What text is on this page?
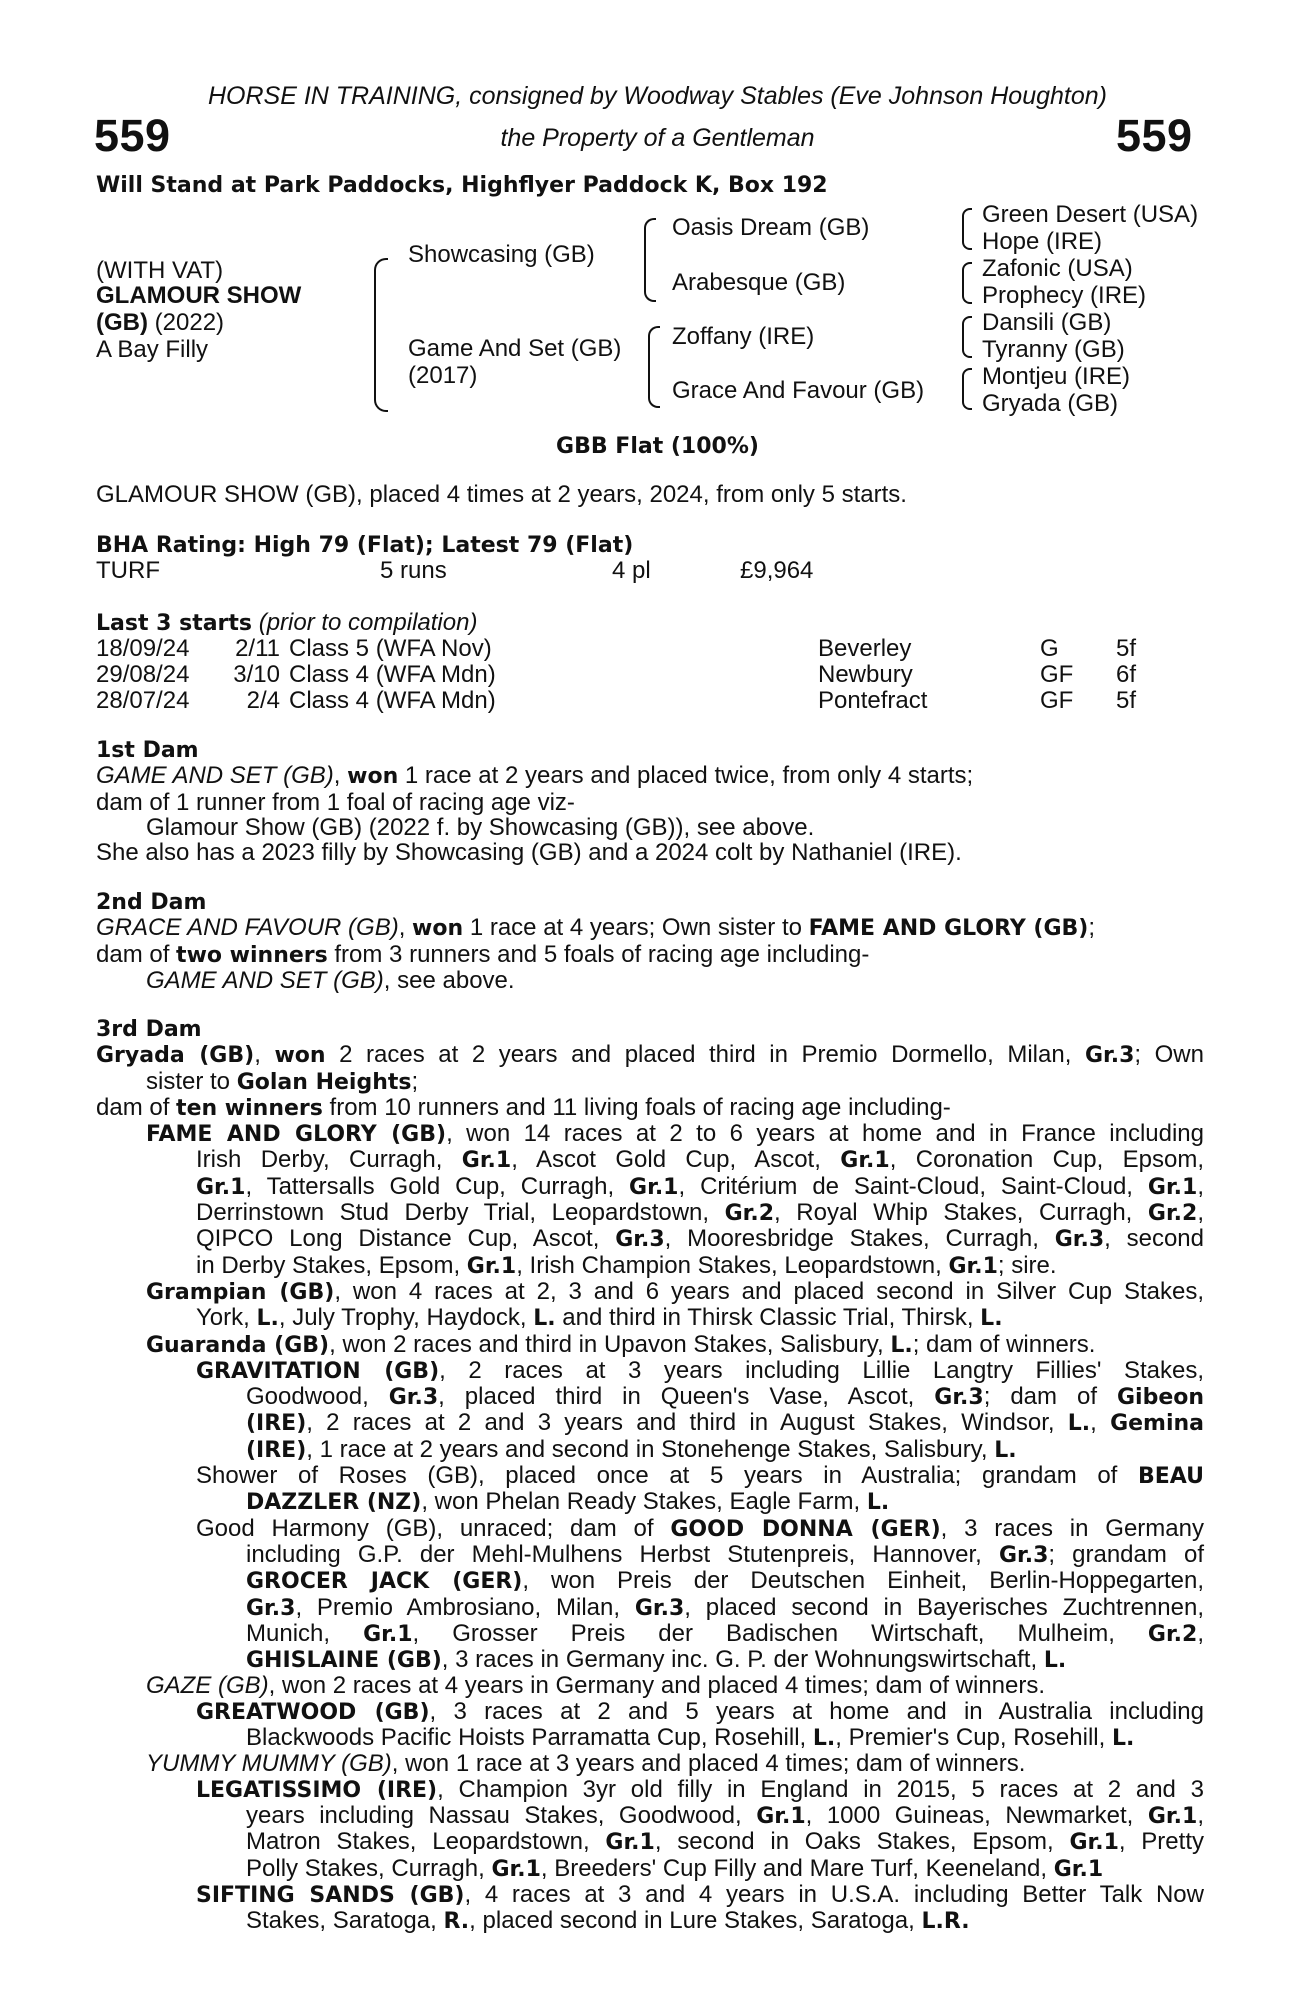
HORSE IN TRAINING, consigned by Woodway Stables (Eve Johnson Houghton)
559	the Property of a Gentleman	559
Will Stand at Park Paddocks, Highflyer Paddock K, Box 192
(WITH VAT)
GLAMOUR SHOW
(GB) (2022)
A Bay Filly
Showcasing (GB)
Game And Set (GB)
(2017)
Oasis Dream (GB)
Arabesque (GB)
Zoffany (IRE)
Grace And Favour (GB)
Green Desert (USA)
Hope (IRE)
Zafonic (USA)
Prophecy (IRE)
Dansili (GB)
Tyranny (GB)
Montjeu (IRE)
Gryada (GB)
GBB Flat (100%)
GLAMOUR SHOW (GB), placed 4 times at 2 years, 2024, from only 5 starts.
BHA Rating: High 79 (Flat); Latest 79 (Flat)
TURF	5 runs	4 pl	£9,964
Last 3 starts (prior to compilation)
18/09/24	2/11 Class 5 (WFA Nov)	Beverley	G 5f
29/08/24	3/10 Class 4 (WFA Mdn)	Newbury	GF 6f
28/07/24	2/4 Class 4 (WFA Mdn)	Pontefract	GF 5f
1st Dam
GAME AND SET (GB), won 1 race at 2 years and placed twice, from only 4 starts;
dam of 1 runner from 1 foal of racing age viz-
Glamour Show (GB) (2022 f. by Showcasing (GB)), see above.
She also has a 2023 filly by Showcasing (GB) and a 2024 colt by Nathaniel (IRE).
2nd Dam
GRACE AND FAVOUR (GB), won 1 race at 4 years; Own sister to FAME AND GLORY (GB);
dam of two winners from 3 runners and 5 foals of racing age including-
GAME AND SET (GB), see above.
3rd Dam
Gryada (GB), won 2 races at 2 years and placed third in Premio Dormello, Milan, Gr.3; Own
sister to Golan Heights;
dam of ten winners from 10 runners and 11 living foals of racing age including-
FAME AND GLORY (GB), won 14 races at 2 to 6 years at home and in France including
Irish Derby, Curragh, Gr.1, Ascot Gold Cup, Ascot, Gr.1, Coronation Cup, Epsom,
Gr.1, Tattersalls Gold Cup, Curragh, Gr.1, Critérium de Saint-Cloud, Saint-Cloud, Gr.1,
Derrinstown Stud Derby Trial, Leopardstown, Gr.2, Royal Whip Stakes, Curragh, Gr.2,
QIPCO Long Distance Cup, Ascot, Gr.3, Mooresbridge Stakes, Curragh, Gr.3, second
in Derby Stakes, Epsom, Gr.1, Irish Champion Stakes, Leopardstown, Gr.1; sire.
Grampian (GB), won 4 races at 2, 3 and 6 years and placed second in Silver Cup Stakes,
York, L., July Trophy, Haydock, L. and third in Thirsk Classic Trial, Thirsk, L.
Guaranda (GB), won 2 races and third in Upavon Stakes, Salisbury, L.; dam of winners.
GRAVITATION (GB), 2 races at 3 years including Lillie Langtry Fillies' Stakes,
Goodwood, Gr.3, placed third in Queen's Vase, Ascot, Gr.3; dam of Gibeon
(IRE), 2 races at 2 and 3 years and third in August Stakes, Windsor, L., Gemina
(IRE), 1 race at 2 years and second in Stonehenge Stakes, Salisbury, L.
Shower of Roses (GB), placed once at 5 years in Australia; grandam of BEAU
DAZZLER (NZ), won Phelan Ready Stakes, Eagle Farm, L.
Good Harmony (GB), unraced; dam of GOOD DONNA (GER), 3 races in Germany
including G.P. der Mehl-Mulhens Herbst Stutenpreis, Hannover, Gr.3; grandam of
GROCER JACK (GER), won Preis der Deutschen Einheit, Berlin-Hoppegarten,
Gr.3, Premio Ambrosiano, Milan, Gr.3, placed second in Bayerisches Zuchtrennen,
Munich, Gr.1, Grosser Preis der Badischen Wirtschaft, Mulheim, Gr.2,
GHISLAINE (GB), 3 races in Germany inc. G. P. der Wohnungswirtschaft, L.
GAZE (GB), won 2 races at 4 years in Germany and placed 4 times; dam of winners.
GREATWOOD (GB), 3 races at 2 and 5 years at home and in Australia including
Blackwoods Pacific Hoists Parramatta Cup, Rosehill, L., Premier's Cup, Rosehill, L.
YUMMY MUMMY (GB), won 1 race at 3 years and placed 4 times; dam of winners.
LEGATISSIMO (IRE), Champion 3yr old filly in England in 2015, 5 races at 2 and 3
years including Nassau Stakes, Goodwood, Gr.1, 1000 Guineas, Newmarket, Gr.1,
Matron Stakes, Leopardstown, Gr.1, second in Oaks Stakes, Epsom, Gr.1, Pretty
Polly Stakes, Curragh, Gr.1, Breeders' Cup Filly and Mare Turf, Keeneland, Gr.1
SIFTING SANDS (GB), 4 races at 3 and 4 years in U.S.A. including Better Talk Now
Stakes, Saratoga, R., placed second in Lure Stakes, Saratoga, L.R.
